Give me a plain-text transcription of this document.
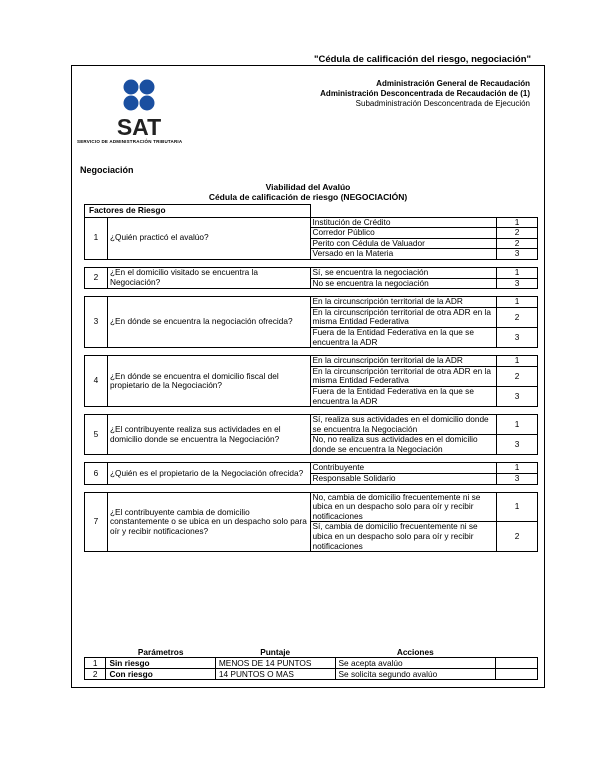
"Cédula de calificación del riesgo, negociación"
SAT
SERVICIO DE ADMINISTRACIÓN TRIBUTARIA
Administración General de Recaudación
Administración Desconcentrada de Recaudación de (1)
Subadministración Desconcentrada de Ejecución
Negociación
Viabilidad del Avalúo
Cédula de calificación de riesgo (NEGOCIACIÓN)
Factores de Riesgo			
1	¿Quién practicó el avalúo?	Institución de Crédito	1
		Corredor Público	2
		Perito con Cédula de Valuador	2
		Versado en la Materia	3

2	¿En el domicilio visitado se encuentra la Negociación?	Sí, se encuentra la negociación	1
		No se encuentra la negociación	3

3	¿En dónde se encuentra la negociación ofrecida?	En la circunscripción territorial de la ADR	1
		En la circunscripción territorial de otra ADR en la misma Entidad Federativa	2
		Fuera de la Entidad Federativa en la que se encuentra la ADR	3

4	¿En dónde se encuentra el domicilio fiscal del propietario de la Negociación?	En la circunscripción territorial de la ADR	1
		En la circunscripción territorial de otra ADR en la misma Entidad Federativa	2
		Fuera de la Entidad Federativa en la que se encuentra la ADR	3

5	¿El contribuyente realiza sus actividades en el domicilio donde se encuentra la Negociación?	Sí, realiza sus actividades en el domicilio donde se encuentra la Negociación	1
		No, no realiza sus actividades en el domicilio donde se encuentra la Negociación	3

6	¿Quién es el propietario de la Negociación ofrecida?	Contribuyente	1
		Responsable Solidario	3

7	¿El contribuyente cambia de domicilio constantemente o se ubica en un despacho solo para oír y recibir notificaciones?	No, cambia de domicilio frecuentemente ni se ubica en un despacho solo para oír y recibir notificaciones	1
		Sí, cambia de domicilio frecuentemente ni se ubica en un despacho solo para oír y recibir notificaciones	2
	Parámetros	Puntaje	Acciones	
1	Sin riesgo	MENOS DE 14 PUNTOS	Se acepta avalúo	
2	Con riesgo	14 PUNTOS O MAS	Se solicita segundo avalúo	
